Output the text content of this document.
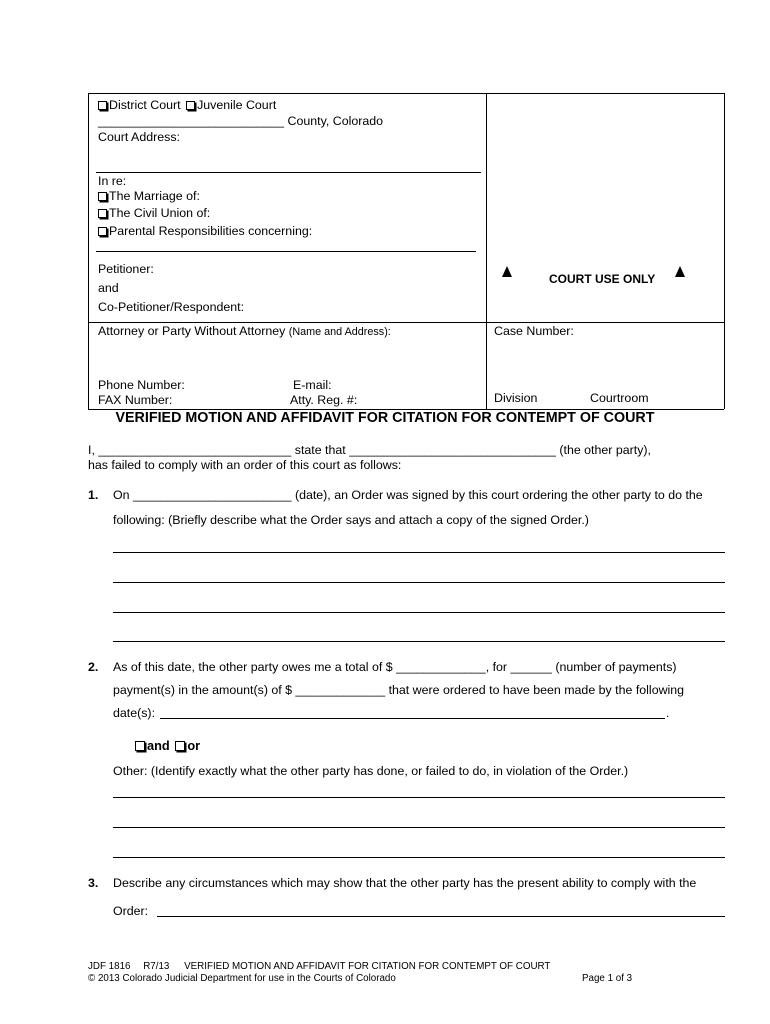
District Court Juvenile Court
___________________________ County, Colorado
Court Address:
In re:
The Marriage of:
The Civil Union of:
Parental Responsibilities concerning:
Petitioner:
and
Co-Petitioner/Respondent:
COURT USE ONLY
Attorney or Party Without Attorney (Name and Address):	Case Number:
Phone Number:	E-mail:
FAX Number:	Atty. Reg. #:	Division	Courtroom
VERIFIED MOTION AND AFFIDAVIT FOR CITATION FOR CONTEMPT OF COURT
I, ____________________________ state that ______________________________ (the other party),
has failed to comply with an order of this court as follows:
1. On _______________________ (date), an Order was signed by this court ordering the other party to do the
following: (Briefly describe what the Order says and attach a copy of the signed Order.)
2. As of this date, the other party owes me a total of $ _____________, for ______ (number of payments)
payment(s) in the amount(s) of $ _____________ that were ordered to have been made by the following
date(s):	.
and or
Other: (Identify exactly what the other party has done, or failed to do, in violation of the Order.)
3. Describe any circumstances which may show that the other party has the present ability to comply with the
Order:
JDF 1816 R7/13 VERIFIED MOTION AND AFFIDAVIT FOR CITATION FOR CONTEMPT OF COURT
© 2013 Colorado Judicial Department for use in the Courts of Colorado	Page 1 of 3
